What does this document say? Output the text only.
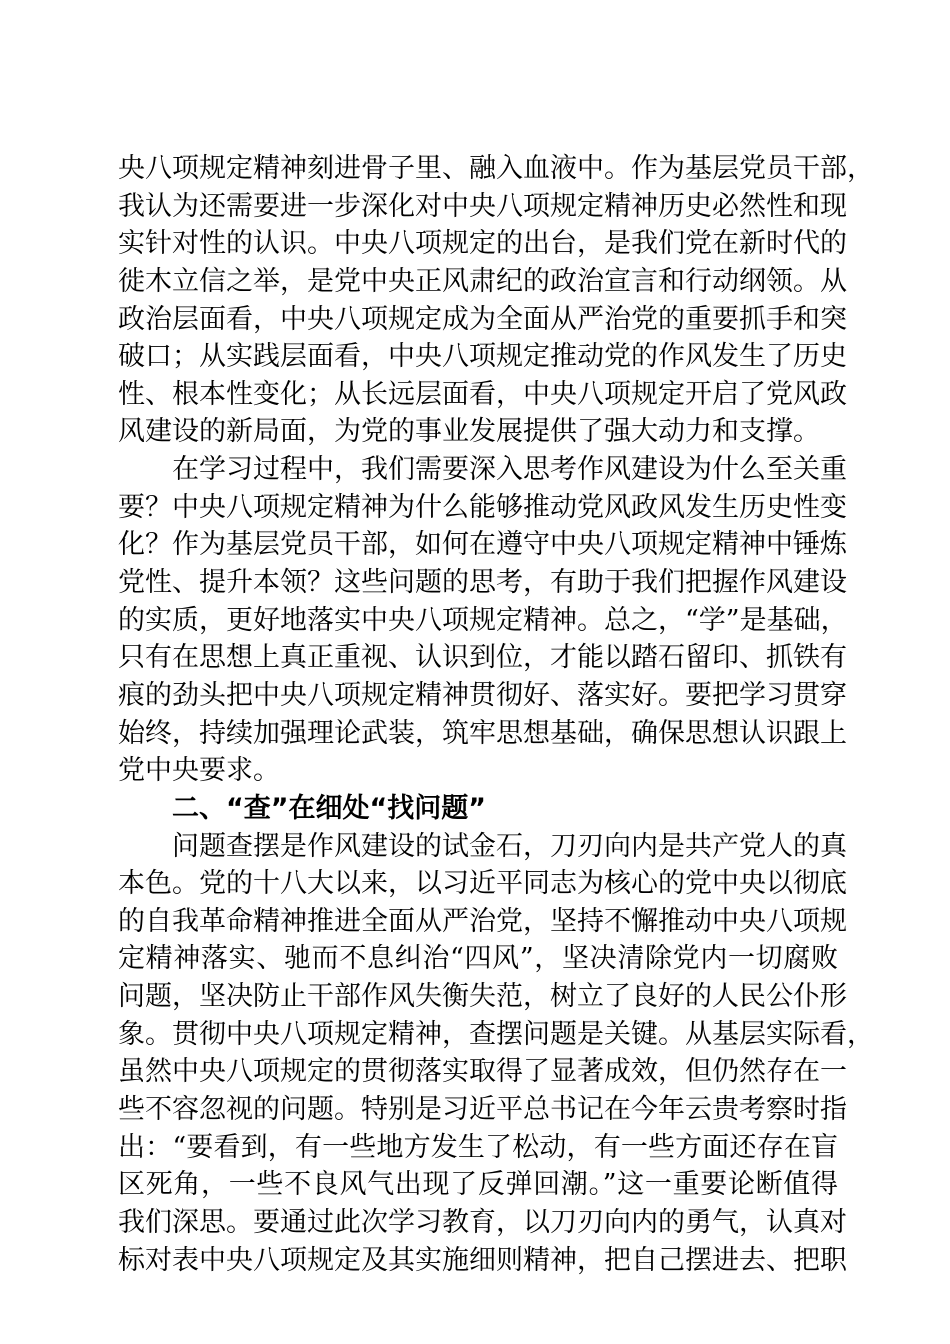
央八项规定精神刻进骨子里、融入血液中。作为基层党员干部，
我认为还需要进一步深化对中央八项规定精神历史必然性和现
实针对性的认识。中央八项规定的出台，是我们党在新时代的
徙木立信之举，是党中央正风肃纪的政治宣言和行动纲领。从
政治层面看，中央八项规定成为全面从严治党的重要抓手和突
破口；从实践层面看，中央八项规定推动党的作风发生了历史
性、根本性变化；从长远层面看，中央八项规定开启了党风政
风建设的新局面，为党的事业发展提供了强大动力和支撑。
在学习过程中，我们需要深入思考作风建设为什么至关重
要？中央八项规定精神为什么能够推动党风政风发生历史性变
化？作为基层党员干部，如何在遵守中央八项规定精神中锤炼
党性、提升本领？这些问题的思考，有助于我们把握作风建设
的实质，更好地落实中央八项规定精神。总之，“学”是基础，
只有在思想上真正重视、认识到位，才能以踏石留印、抓铁有
痕的劲头把中央八项规定精神贯彻好、落实好。要把学习贯穿
始终，持续加强理论武装，筑牢思想基础，确保思想认识跟上
党中央要求。
二、“查”在细处“找问题”
问题查摆是作风建设的试金石，刀刃向内是共产党人的真
本色。党的十八大以来，以习近平同志为核心的党中央以彻底
的自我革命精神推进全面从严治党，坚持不懈推动中央八项规
定精神落实、驰而不息纠治“四风”，坚决清除党内一切腐败
问题，坚决防止干部作风失衡失范，树立了良好的人民公仆形
象。贯彻中央八项规定精神，查摆问题是关键。从基层实际看，
虽然中央八项规定的贯彻落实取得了显著成效，但仍然存在一
些不容忽视的问题。特别是习近平总书记在今年云贵考察时指
出：“要看到，有一些地方发生了松动，有一些方面还存在盲
区死角，一些不良风气出现了反弹回潮。”这一重要论断值得
我们深思。要通过此次学习教育，以刀刃向内的勇气，认真对
标对表中央八项规定及其实施细则精神，把自己摆进去、把职
